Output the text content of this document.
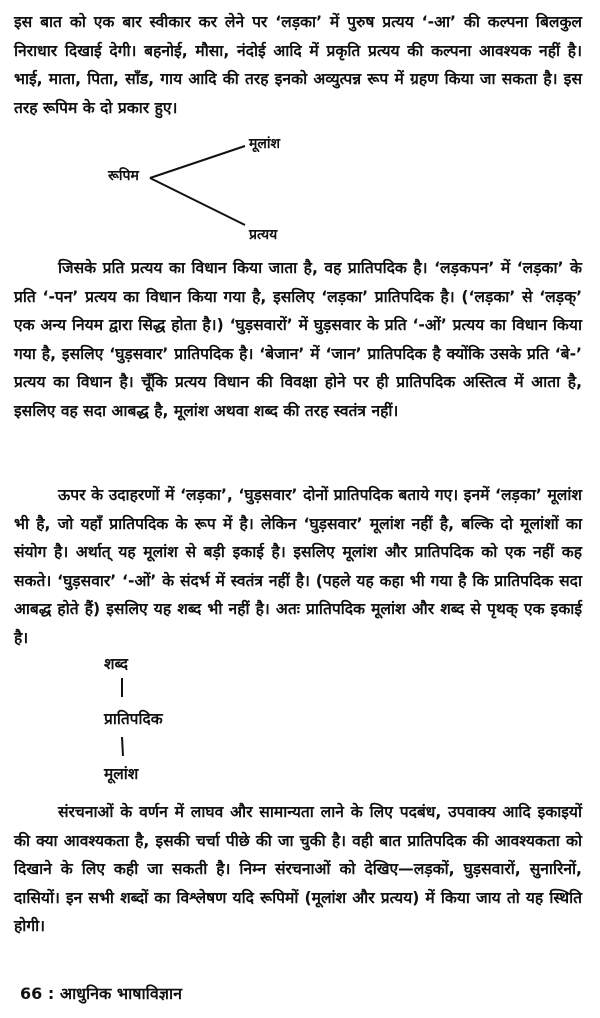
इस बात को एक बार स्वीकार कर लेने पर ‘लड़का’ में पुरुष प्रत्यय ‘-आ’ की कल्पना बिलकुल निराधार दिखाई देगी। बहनोई, मौसा, नंदोई आदि में प्रकृति प्रत्यय की कल्पना आवश्यक नहीं है। भाई, माता, पिता, साँड, गाय आदि की तरह इनको अव्युत्पन्न रूप में ग्रहण किया जा सकता है। इस तरह रूपिम के दो प्रकार हुए।

रूपिम
मूलांश
प्रत्यय

जिसके प्रति प्रत्यय का विधान किया जाता है, वह प्रातिपदिक है। ‘लड़कपन’ में ‘लड़का’ के प्रति ‘-पन’ प्रत्यय का विधान किया गया है, इसलिए ‘लड़का’ प्रातिपदिक है। (‘लड़का’ से ‘लड़क्’ एक अन्य नियम द्वारा सिद्ध होता है।) ‘घुड़सवारों’ में घुड़सवार के प्रति ‘-ओं’ प्रत्यय का विधान किया गया है, इसलिए ‘घुड़सवार’ प्रातिपदिक है। ‘बेजान’ में ‘जान’ प्रातिपदिक है क्योंकि उसके प्रति ‘बे-’ प्रत्यय का विधान है। चूँकि प्रत्यय विधान की विवक्षा होने पर ही प्रातिपदिक अस्तित्व में आता है, इसलिए वह सदा आबद्ध है, मूलांश अथवा शब्द की तरह स्वतंत्र नहीं।

ऊपर के उदाहरणों में ‘लड़का’, ‘घुड़सवार’ दोनों प्रातिपदिक बताये गए। इनमें ‘लड़का’ मूलांश भी है, जो यहाँ प्रातिपदिक के रूप में है। लेकिन ‘घुड़सवार’ मूलांश नहीं है, बल्कि दो मूलांशों का संयोग है। अर्थात् यह मूलांश से बड़ी इकाई है। इसलिए मूलांश और प्रातिपदिक को एक नहीं कह सकते। ‘घुड़सवार’ ‘-ओं’ के संदर्भ में स्वतंत्र नहीं है। (पहले यह कहा भी गया है कि प्रातिपदिक सदा आबद्ध होते हैं) इसलिए यह शब्द भी नहीं है। अतः प्रातिपदिक मूलांश और शब्द से पृथक् एक इकाई है।

शब्द
प्रातिपदिक
मूलांश

संरचनाओं के वर्णन में लाघव और सामान्यता लाने के लिए पदबंध, उपवाक्य आदि इकाइयों की क्या आवश्यकता है, इसकी चर्चा पीछे की जा चुकी है। वही बात प्रातिपदिक की आवश्यकता को दिखाने के लिए कही जा सकती है। निम्न संरचनाओं को देखिए—लड़कों, घुड़सवारों, सुनारिनों, दासियों। इन सभी शब्दों का विश्लेषण यदि रूपिमों (मूलांश और प्रत्यय) में किया जाय तो यह स्थिति होगी।

66 : आधुनिक भाषाविज्ञान
